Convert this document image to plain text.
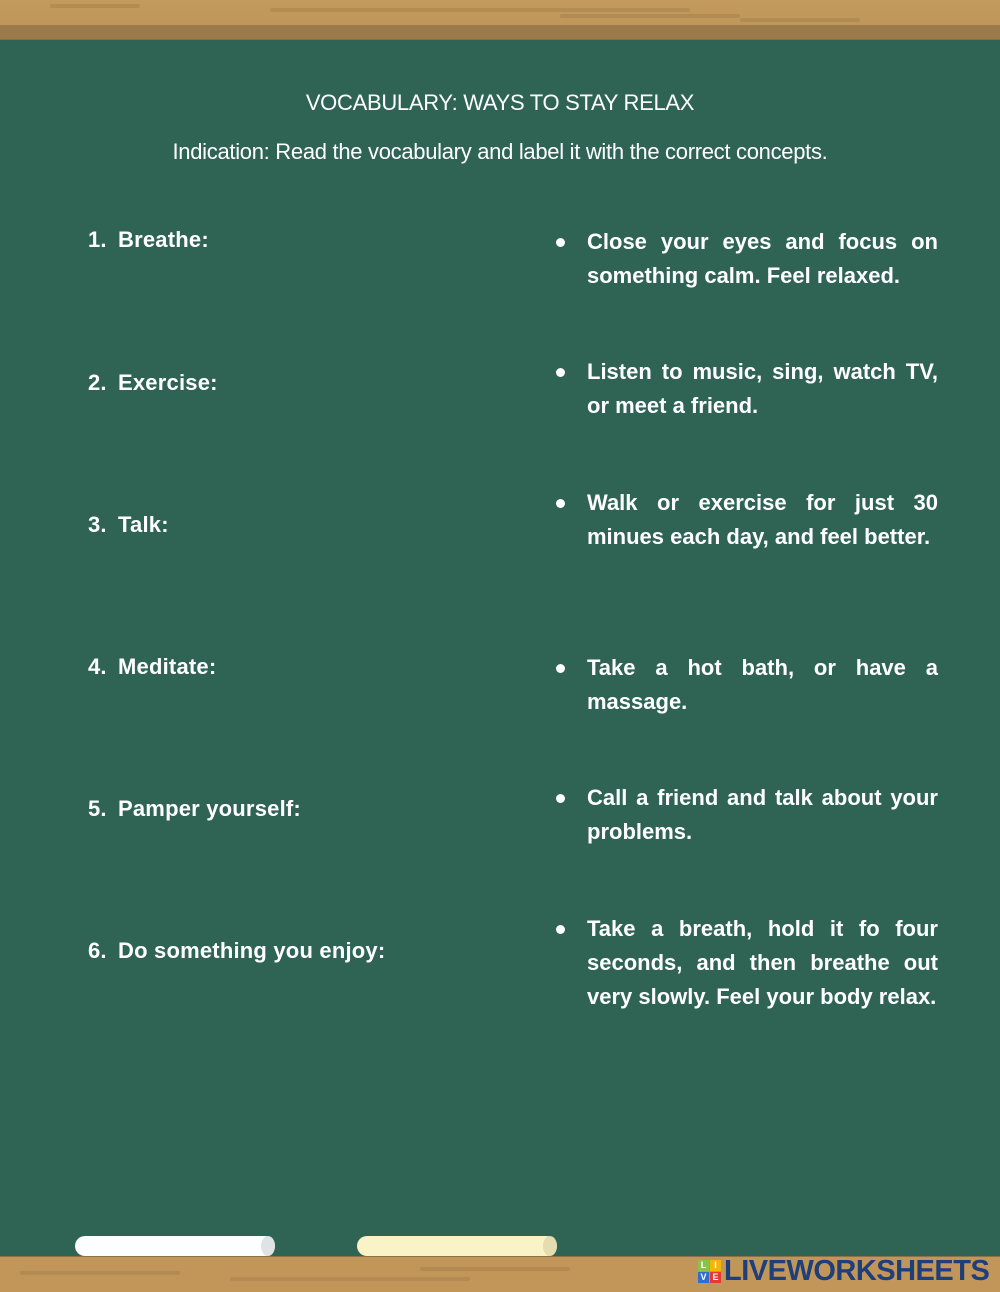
VOCABULARY: WAYS TO STAY RELAX
Indication: Read the vocabulary and label it with the correct concepts.
1. Breathe:
2. Exercise:
3. Talk:
4. Meditate:
5. Pamper yourself:
6. Do something you enjoy:
Close your eyes and focus on something calm. Feel relaxed.
Listen to music, sing, watch TV, or meet a friend.
Walk or exercise for just 30 minues each day, and feel better.
Take a hot bath, or have a massage.
Call a friend and talk about your problems.
Take a breath, hold it fo four seconds, and then breathe out very slowly. Feel your body relax.
L I
V E LIVEWORKSHEETS
